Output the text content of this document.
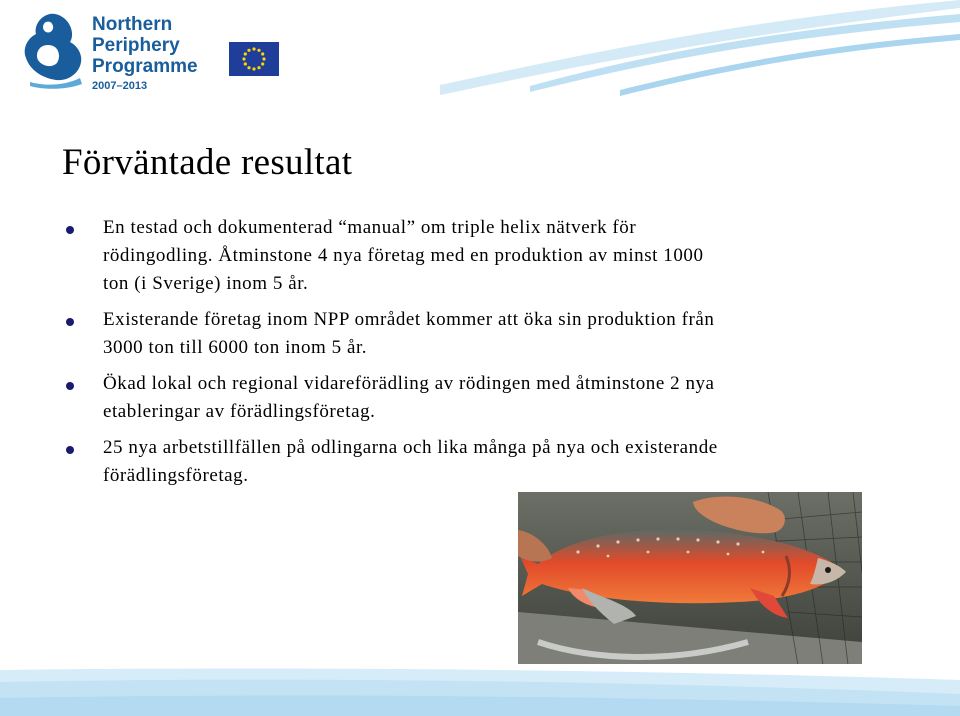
Northern
Periphery
Programme
2007–2013
Förväntade resultat
En testad och dokumenterad “manual” om triple helix nätverk för
rödingodling. Åtminstone 4 nya företag med en produktion av minst 1000
ton (i Sverige) inom 5 år.
Existerande företag inom NPP området kommer att öka sin produktion från
3000 ton till 6000 ton inom 5 år.
Ökad lokal och regional vidareförädling av rödingen med åtminstone 2 nya
etableringar av förädlingsföretag.
25 nya arbetstillfällen på odlingarna och lika många på nya och existerande
förädlingsföretag.
